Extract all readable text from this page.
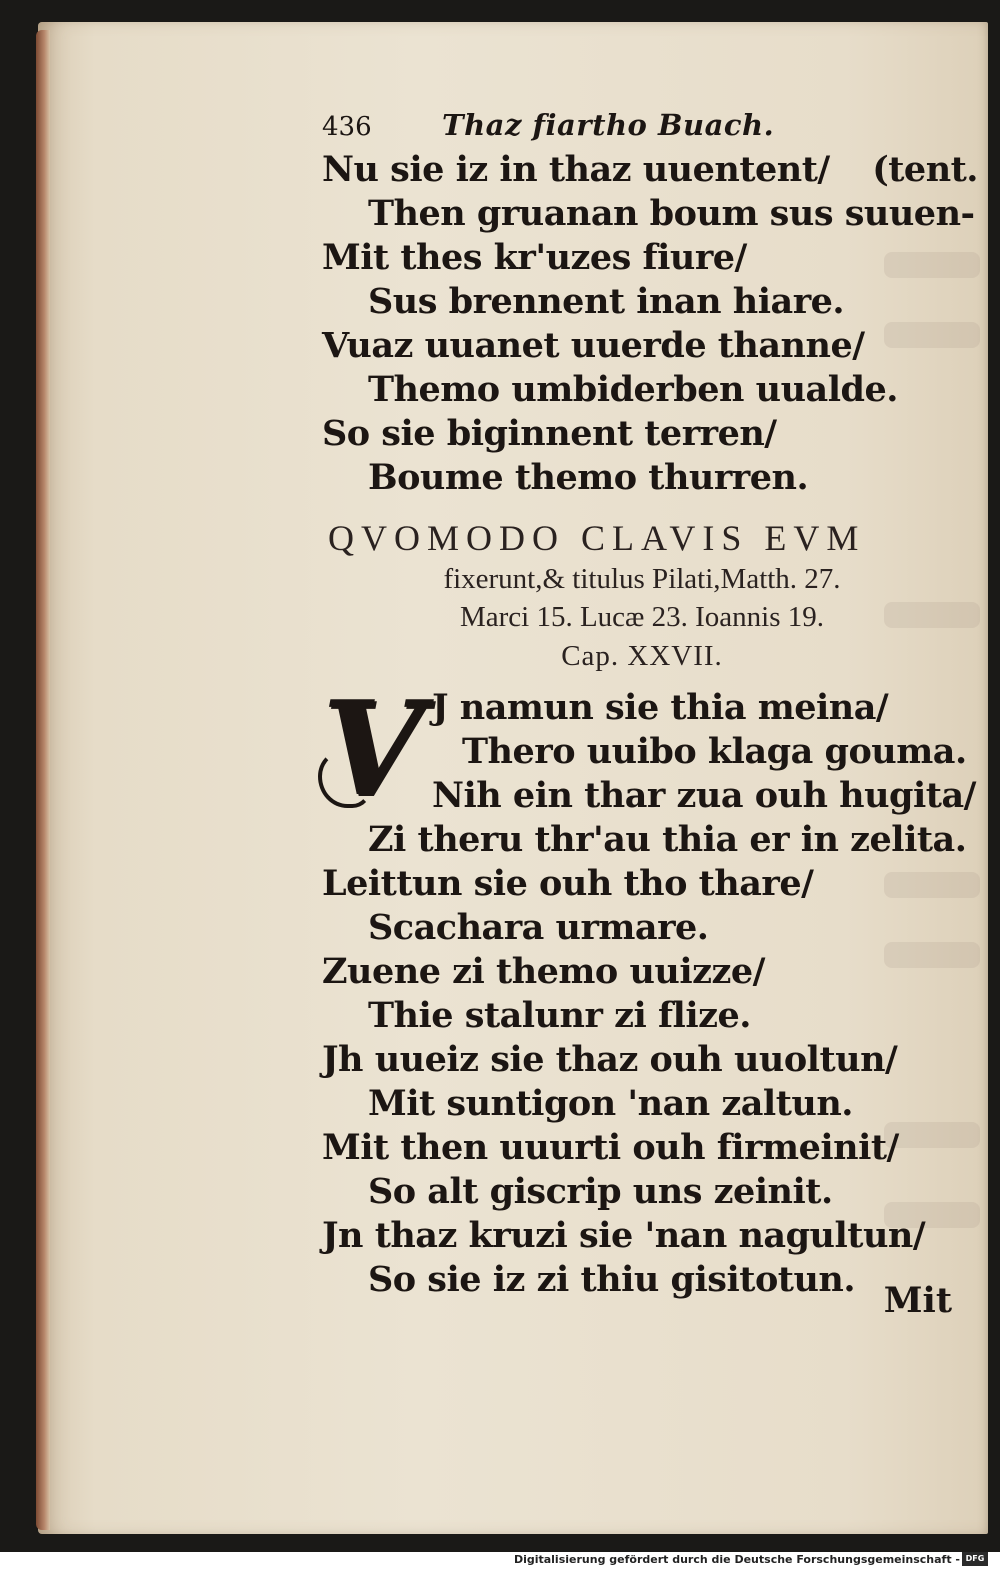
436	Thaz fiartho Buach.
Nu sie iz in thaz uuentent/ (tent.
Then gruanan boum sus suuen-
Mit thes kr'uzes fiure/
Sus brennent inan hiare.
Vuaz uuanet uuerde thanne/
Themo umbiderben uualde.
So sie biginnent terren/
Boume themo thurren.
QVOMODO CLAVIS EVM
fixerunt,& titulus Pilati,Matth. 27.
Marci 15. Lucæ 23. Ioannis 19.
Cap. XXVII.
V J namun sie thia meina/
Thero uuibo klaga gouma.
Nih ein thar zua ouh hugita/
Zi theru thr'au thia er in zelita.
Leittun sie ouh tho thare/
Scachara urmare.
Zuene zi themo uuizze/
Thie stalunr zi flize.
Jh uueiz sie thaz ouh uuoltun/
Mit suntigon 'nan zaltun.
Mit then uuurti ouh firmeinit/
So alt giscrip uns zeinit.
Jn thaz kruzi sie 'nan nagultun/
So sie iz zi thiu gisitotun.
Mit
Digitalisierung gefördert durch die Deutsche Forschungsgemeinschaft - DFG
